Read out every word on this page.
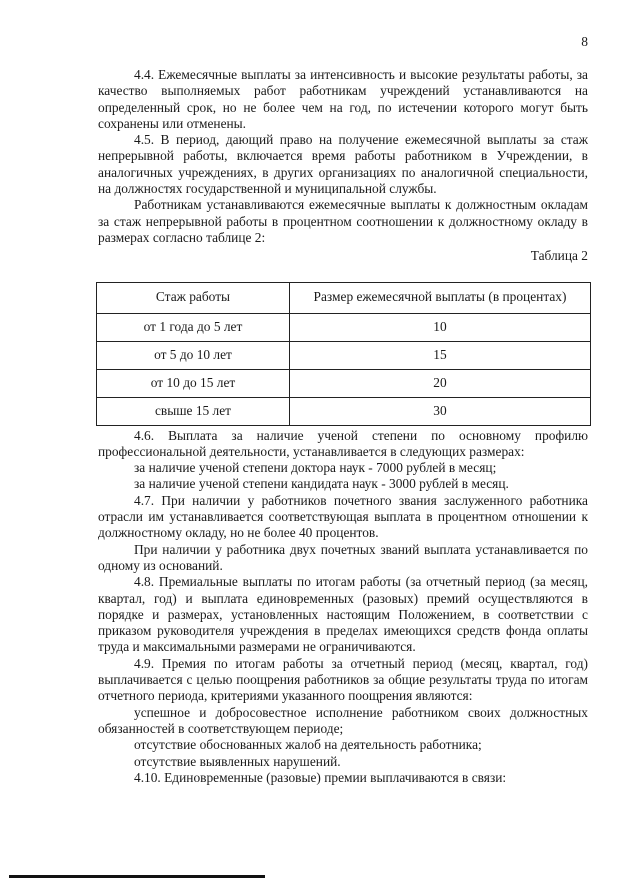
8

4.4. Ежемесячные выплаты за интенсивность и высокие результаты работы, за качество выполняемых работ работникам учреждений устанавливаются на определенный срок, но не более чем на год, по истечении которого могут быть сохранены или отменены.

4.5. В период, дающий право на получение ежемесячной выплаты за стаж непрерывной работы, включается время работы работником в Учреждении, в аналогичных учреждениях, в других организациях по аналогичной специальности, на должностях государственной и муниципальной службы.

Работникам устанавливаются ежемесячные выплаты к должностным окладам за стаж непрерывной работы в процентном соотношении к должностному окладу в размерах согласно таблице 2:

Таблица 2

Стаж работы	Размер ежемесячной выплаты (в процентах)
от 1 года до 5 лет	10
от 5 до 10 лет	15
от 10 до 15 лет	20
свыше 15 лет	30

4.6. Выплата за наличие ученой степени по основному профилю профессиональной деятельности, устанавливается в следующих размерах:

за наличие ученой степени доктора наук - 7000 рублей в месяц;

за наличие ученой степени кандидата наук - 3000 рублей в месяц.

4.7. При наличии у работников почетного звания заслуженного работника отрасли им устанавливается соответствующая выплата в процентном отношении к должностному окладу, но не более 40 процентов.

При наличии у работника двух почетных званий выплата устанавливается по одному из оснований.

4.8. Премиальные выплаты по итогам работы (за отчетный период (за месяц, квартал, год) и выплата единовременных (разовых) премий осуществляются в порядке и размерах, установленных настоящим Положением, в соответствии с приказом руководителя учреждения в пределах имеющихся средств фонда оплаты труда и максимальными размерами не ограничиваются.

4.9. Премия по итогам работы за отчетный период (месяц, квартал, год) выплачивается с целью поощрения работников за общие результаты труда по итогам отчетного периода, критериями указанного поощрения являются:

успешное и добросовестное исполнение работником своих должностных обязанностей в соответствующем периоде;

отсутствие обоснованных жалоб на деятельность работника;

отсутствие выявленных нарушений.

4.10. Единовременные (разовые) премии выплачиваются в связи:
